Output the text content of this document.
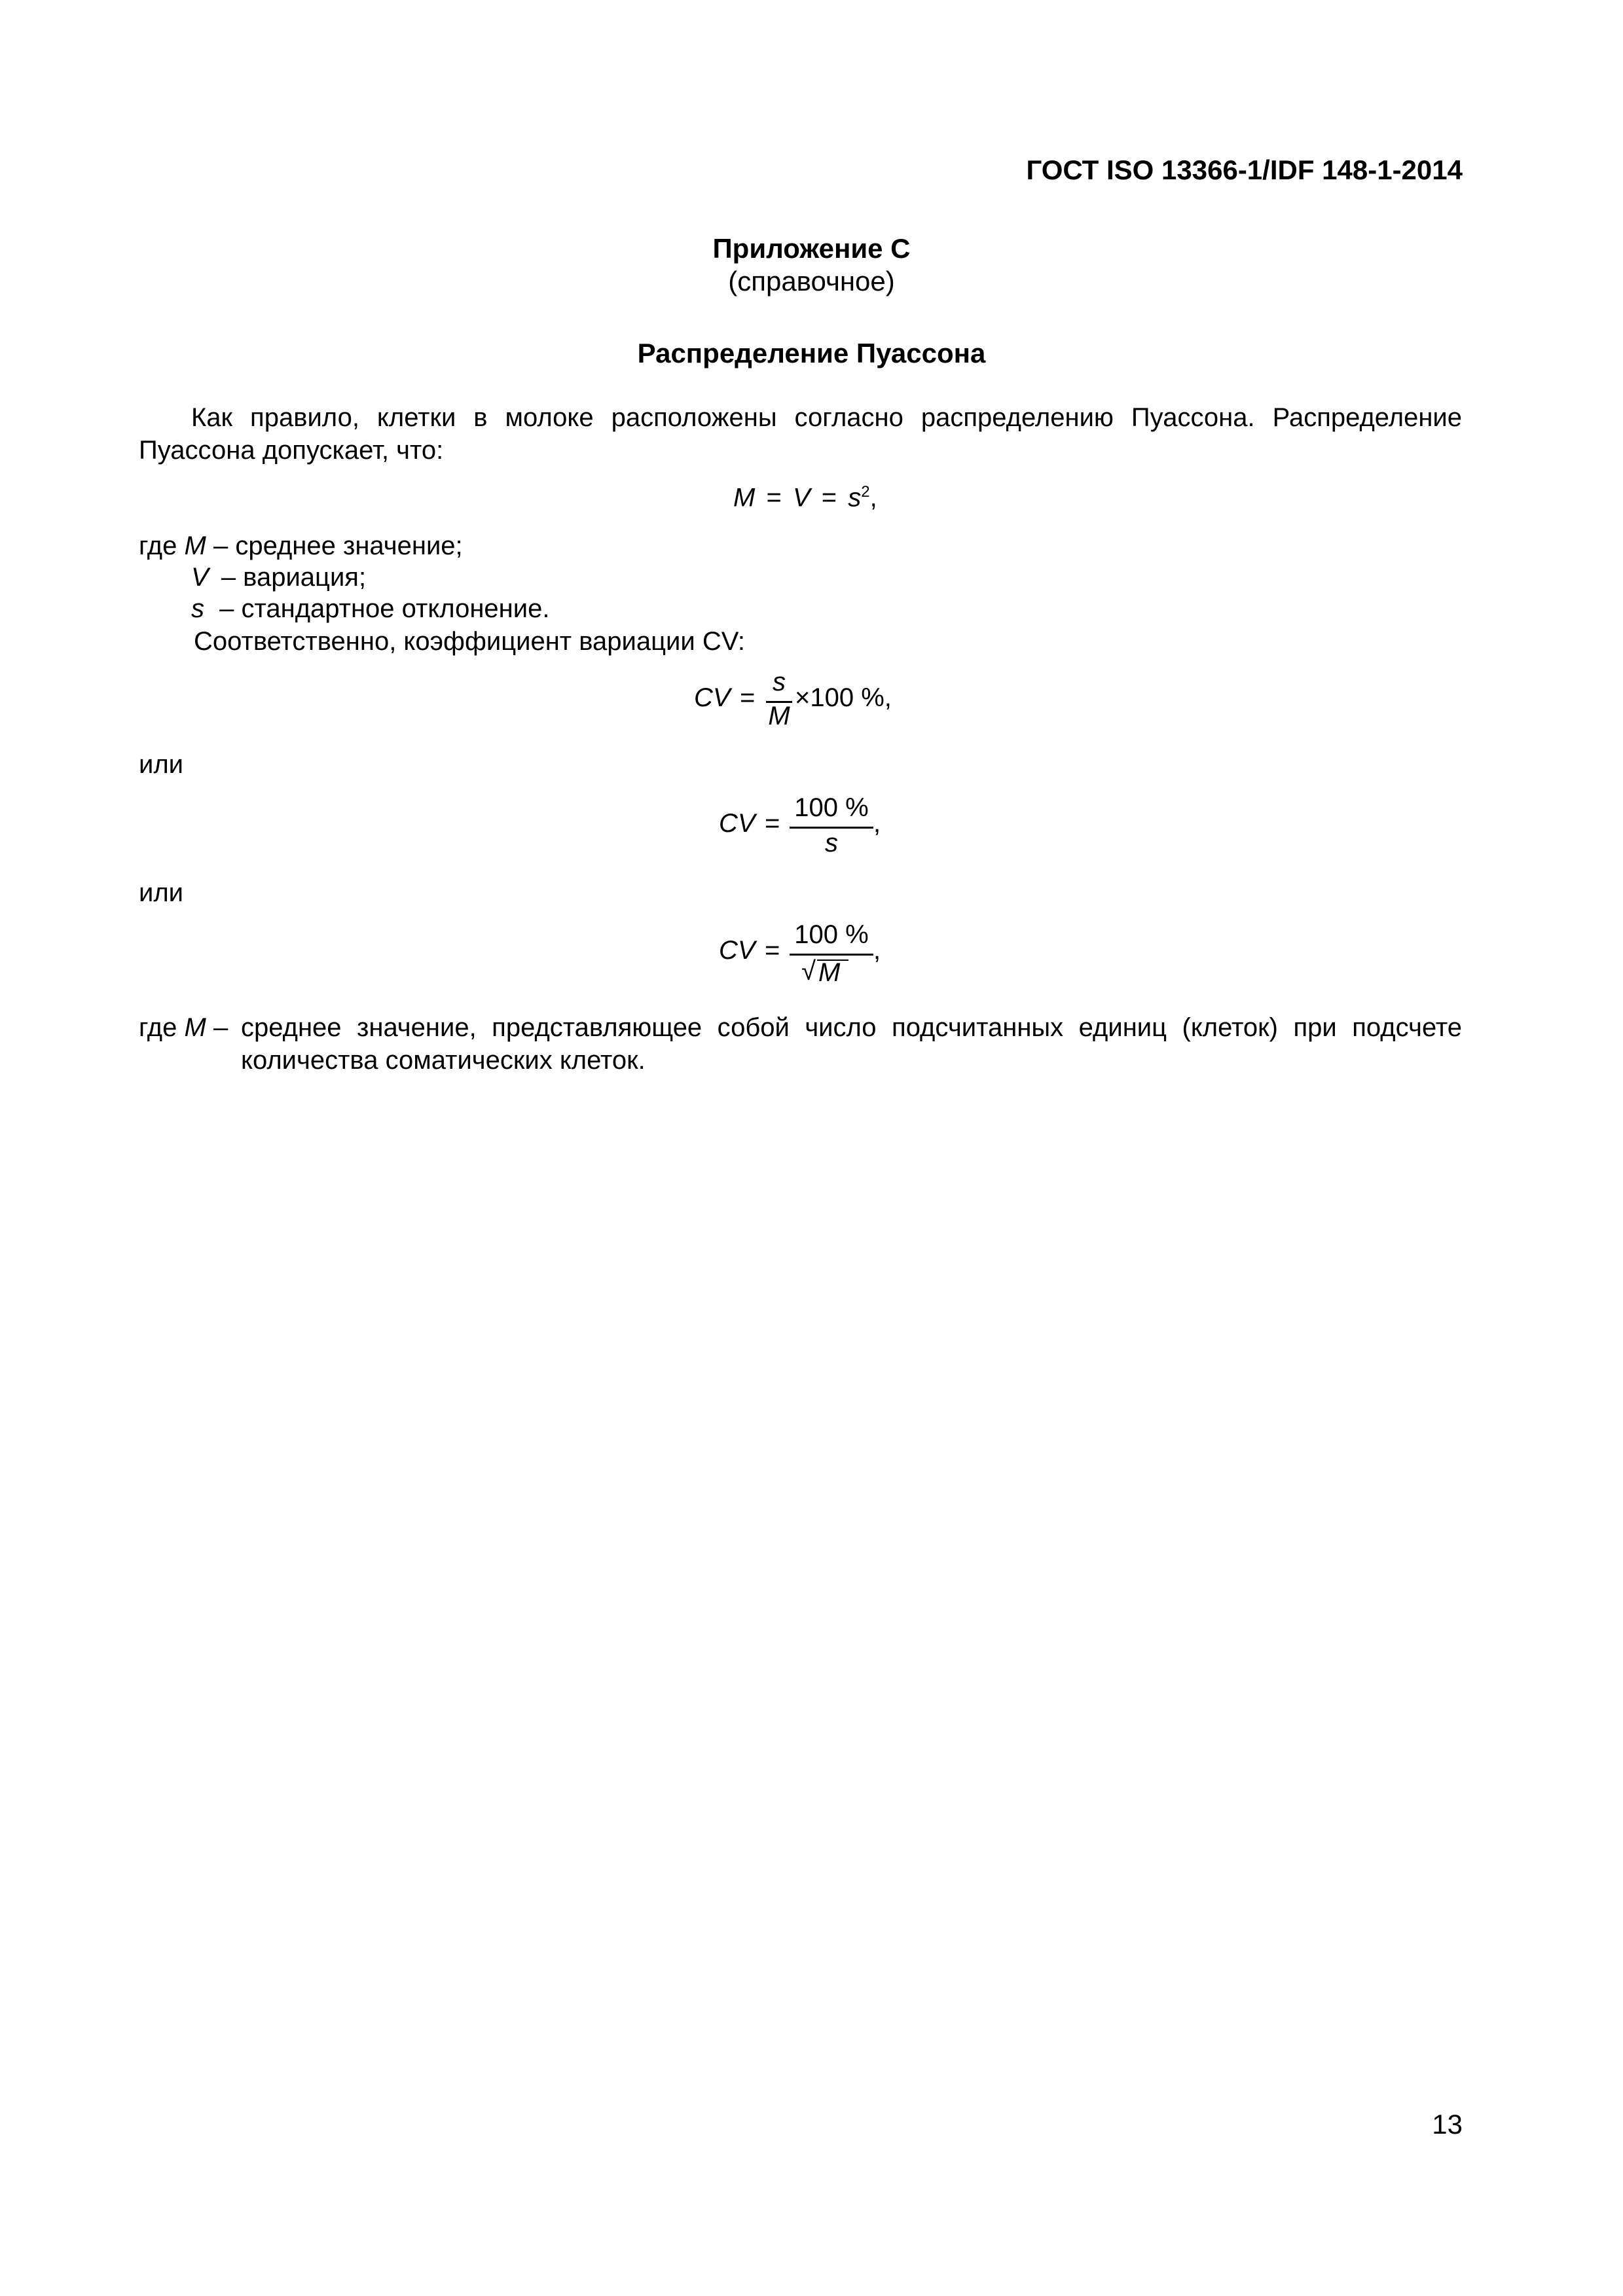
ГОСТ ISO 13366-1/IDF 148-1-2014
Приложение С
(справочное)
Распределение Пуассона
Как правило, клетки в молоке расположены согласно распределению Пуассона. Распределение
Пуассона допускает, что:
$M = V = s^2$,
где M – среднее значение;
V – вариация;
s – стандартное отклонение.
Соответственно, коэффициент вариации CV:
CV =
s
M
×100 %,
или
CV =
100 %
s
,
или
CV =
100 %
√ M
,
где M – среднее значение, представляющее собой число подсчитанных единиц (клеток) при подсчете
количества соматических клеток.
13
